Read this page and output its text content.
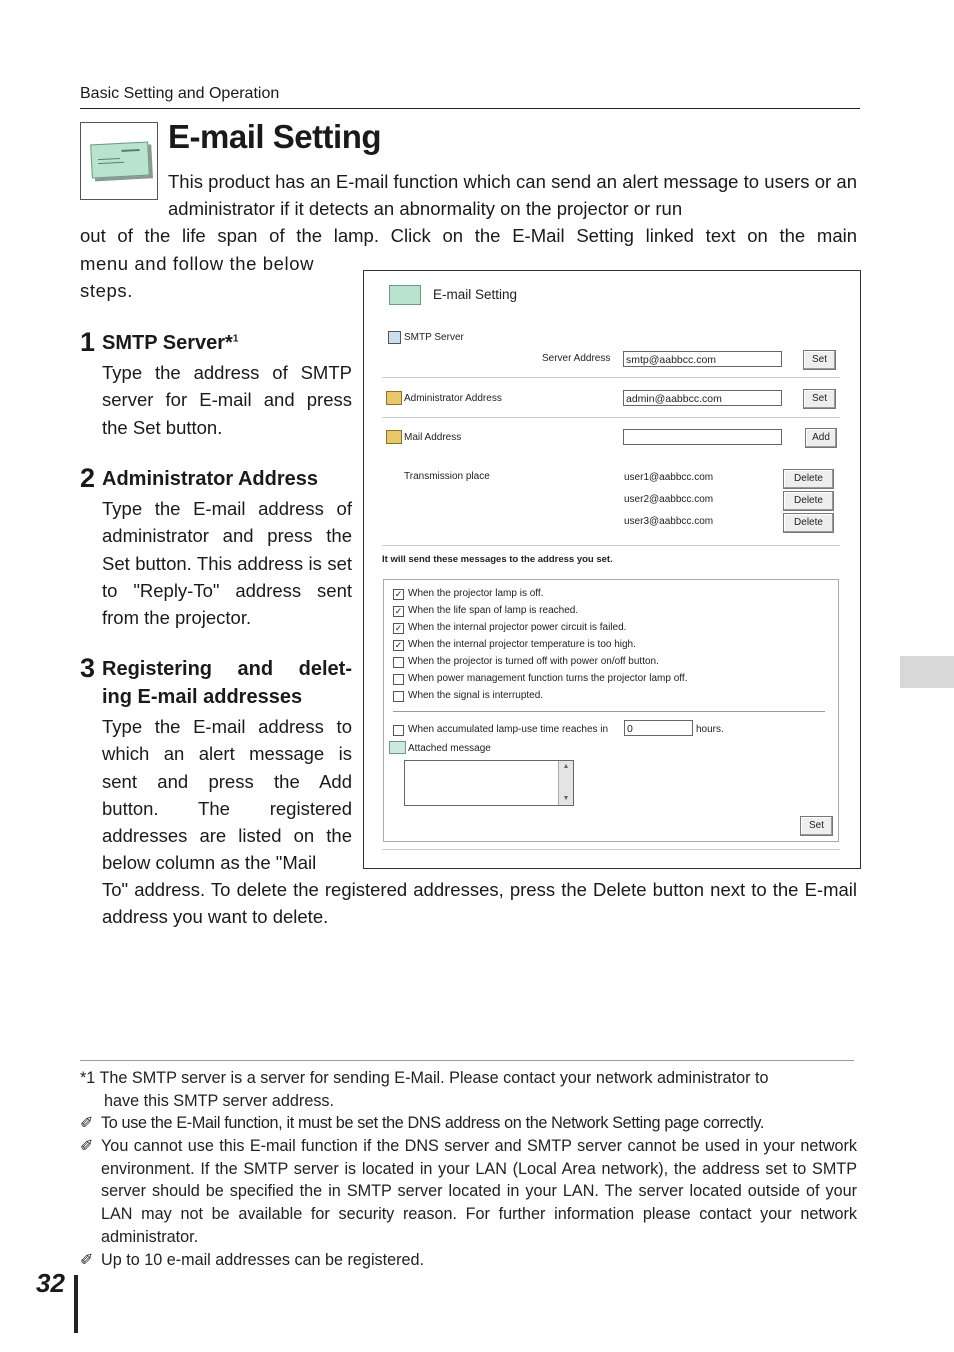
Basic Setting and Operation
E-mail Setting

This product has an E-mail function which can send an alert message to users or an administrator if it detects an abnormality on the projector or run

out of the life span of the lamp. Click on the E-Mail Setting linked text on the main

menu and follow the below steps.

1 SMTP Server*$^1$

Type the address of SMTP server for E-mail and press the Set button.

2 Administrator Address

Type the E-mail address of administrator and press the Set button. This address is set to "Reply-To" address sent from the projector.

3 Registering and delet-
ing E-mail addresses

Type the E-mail address to which an alert message is sent and press the Add button. The registered addresses are listed on the below column as the "Mail

To" address. To delete the registered addresses, press the Delete button next to the E-mail address you want to delete.

E-mail Setting
SMTP Server
Server Address smtp@aabbcc.com	Set
Administrator Address	admin@aabbcc.com	Set
Mail Address	Add
Transmission place	user1@aabbcc.com	Delete
user2@aabbcc.com	Delete
user3@aabbcc.com	Delete
It will send these messages to the address you set.
When accumulated lamp-use time reaches in 0	hours.
Attached message
▲
▼
Set
✓ When the projector lamp is off.
✓ When the life span of lamp is reached.
✓ When the internal projector power circuit is failed.
✓ When the internal projector temperature is too high.
When the projector is turned off with power on/off button.
When power management function turns the projector lamp off.
When the signal is interrupted.
*1 The SMTP server is a server for sending E-Mail. Please contact your network administrator to
have this SMTP server address.
✐ To use the E-Mail function, it must be set the DNS address on the Network Setting page correctly.
✐ You cannot use this E-mail function if the DNS server and SMTP server cannot be used in your network environment. If the SMTP server is located in your LAN (Local Area network), the address set to SMTP server should be specified the in SMTP server located in your LAN. The server located outside of your LAN may not be available for security reason. For further information please contact your network administrator.
✐ Up to 10 e-mail addresses can be registered.
32
